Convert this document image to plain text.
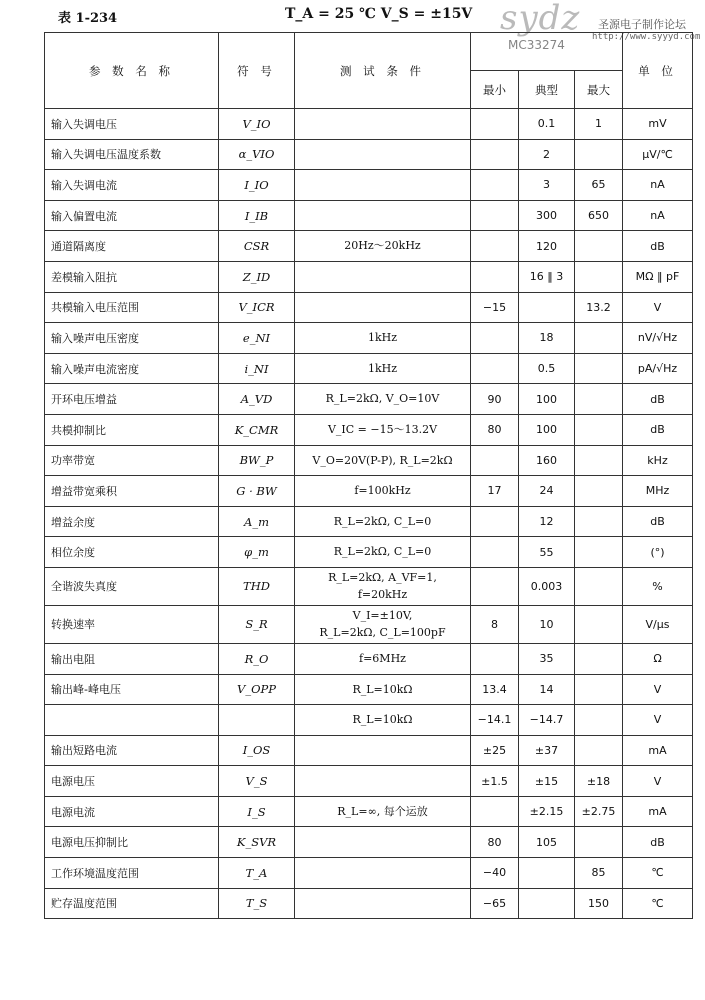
表 1-234	T_A = 25 ℃ V_S = ±15V sydz 圣源电子制作论坛
http://www.syyyd.com
MC33274
参 数 名 称	符 号	测 试 条 件				单 位
			最小	典型	最大	
输入失调电压	V_IO			0.1	1	mV
输入失调电压温度系数	α_VIO			2		μV/℃
输入失调电流	I_IO			3	65	nA
输入偏置电流	I_IB			300	650	nA
通道隔离度	CSR	20Hz～20kHz		120		dB
差模输入阻抗	Z_ID			16 ‖ 3		MΩ ‖ pF
共模输入电压范围	V_ICR		−15		13.2	V
输入噪声电压密度	e_NI	1kHz		18		nV/√Hz
输入噪声电流密度	i_NI	1kHz		0.5		pA/√Hz
开环电压增益	A_VD	R_L=2kΩ, V_O=10V	90	100		dB
共模抑制比	K_CMR	V_IC = −15～13.2V	80	100		dB
功率带宽	BW_P	V_O=20V(P-P), R_L=2kΩ		160		kHz
增益带宽乘积	G · BW	f=100kHz	17	24		MHz
增益余度	A_m	R_L=2kΩ, C_L=0		12		dB
相位余度	φ_m	R_L=2kΩ, C_L=0		55		(°)
全谐波失真度	THD	R_L=2kΩ, A_VF=1,
f=20kHz		0.003		%
转换速率	S_R	V_I=±10V,
R_L=2kΩ, C_L=100pF	8	10		V/μs
输出电阻	R_O	f=6MHz		35		Ω
输出峰-峰电压	V_OPP	R_L=10kΩ	13.4	14		V
		R_L=10kΩ	−14.1	−14.7		V
输出短路电流	I_OS		±25	±37		mA
电源电压	V_S		±1.5	±15	±18	V
电源电流	I_S	R_L=∞, 每个运放		±2.15	±2.75	mA
电源电压抑制比	K_SVR		80	105		dB
工作环境温度范围	T_A		−40		85	℃
贮存温度范围	T_S		−65		150	℃
